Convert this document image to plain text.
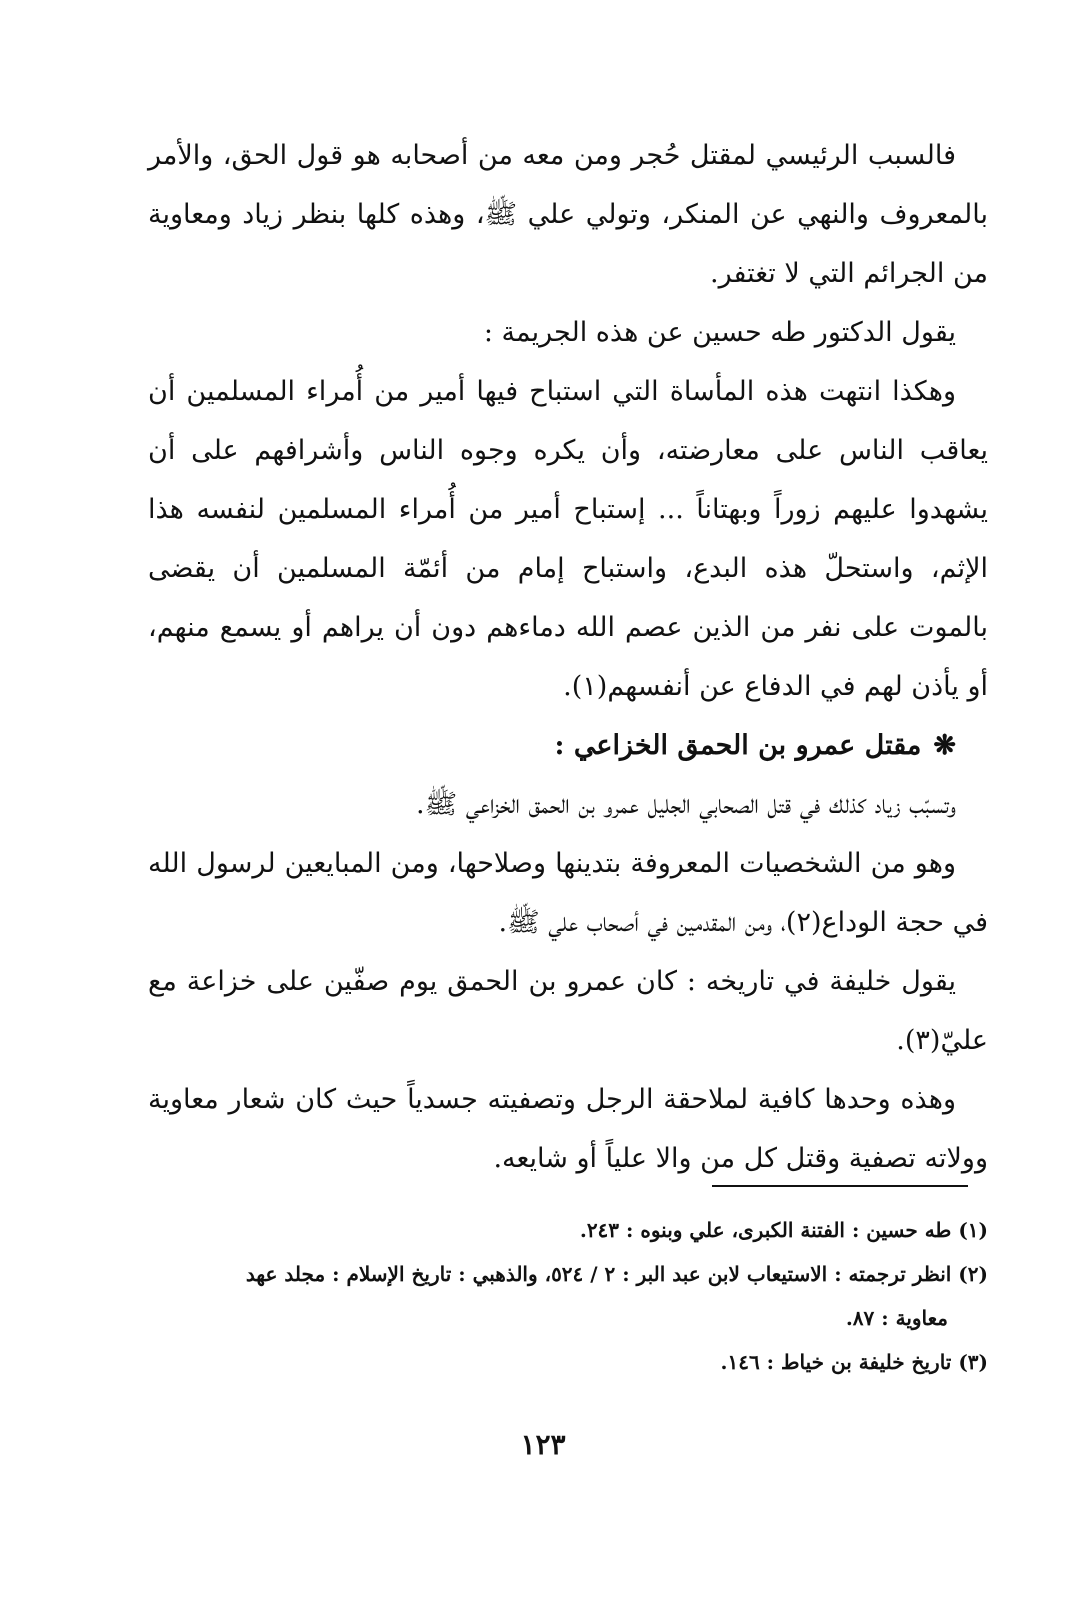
فالسبب الرئيسي لمقتل حُجر ومن معه من أصحابه هو قول الحق، والأمر بالمعروف والنهي عن المنكر، وتولي علي ﷺ، وهذه كلها بنظر زياد ومعاوية من الجرائم التي لا تغتفر.

يقول الدكتور طه حسين عن هذه الجريمة :

وهكذا انتهت هذه المأساة التي استباح فيها أمير من أُمراء المسلمين أن يعاقب الناس على معارضته، وأن يكره وجوه الناس وأشرافهم على أن يشهدوا عليهم زوراً وبهتاناً ... إستباح أمير من أُمراء المسلمين لنفسه هذا الإثم، واستحلّ هذه البدع، واستباح إمام من أئمّة المسلمين أن يقضى بالموت على نفر من الذين عصم الله دماءهم دون أن يراهم أو يسمع منهم، أو يأذن لهم في الدفاع عن أنفسهم(١).

❋مقتل عمرو بن الحمق الخزاعي :

وتسبّب زياد كذلك في قتل الصحابي الجليل عمرو بن الحمق الخزاعي ﷺ.

وهو من الشخصيات المعروفة بتدينها وصلاحها، ومن المبايعين لرسول الله في حجة الوداع(٢)، ومن المقدمين في أصحاب علي ﷺ.

يقول خليفة في تاريخه : كان عمرو بن الحمق يوم صفّين على خزاعة مع عليّ(٣).

وهذه وحدها كافية لملاحقة الرجل وتصفيته جسدياً حيث كان شعار معاوية وولاته تصفية وقتل كل من والا علياً أو شايعه.

(١) طه حسين : الفتنة الكبرى، علي وبنوه : ٢٤٣.

(٢) انظر ترجمته : الاستيعاب لابن عبد البر : ٢ / ٥٢٤، والذهبي : تاريخ الإسلام : مجلد عهد

معاوية : ٨٧.

(٣) تاريخ خليفة بن خياط : ١٤٦.

١٢٣
